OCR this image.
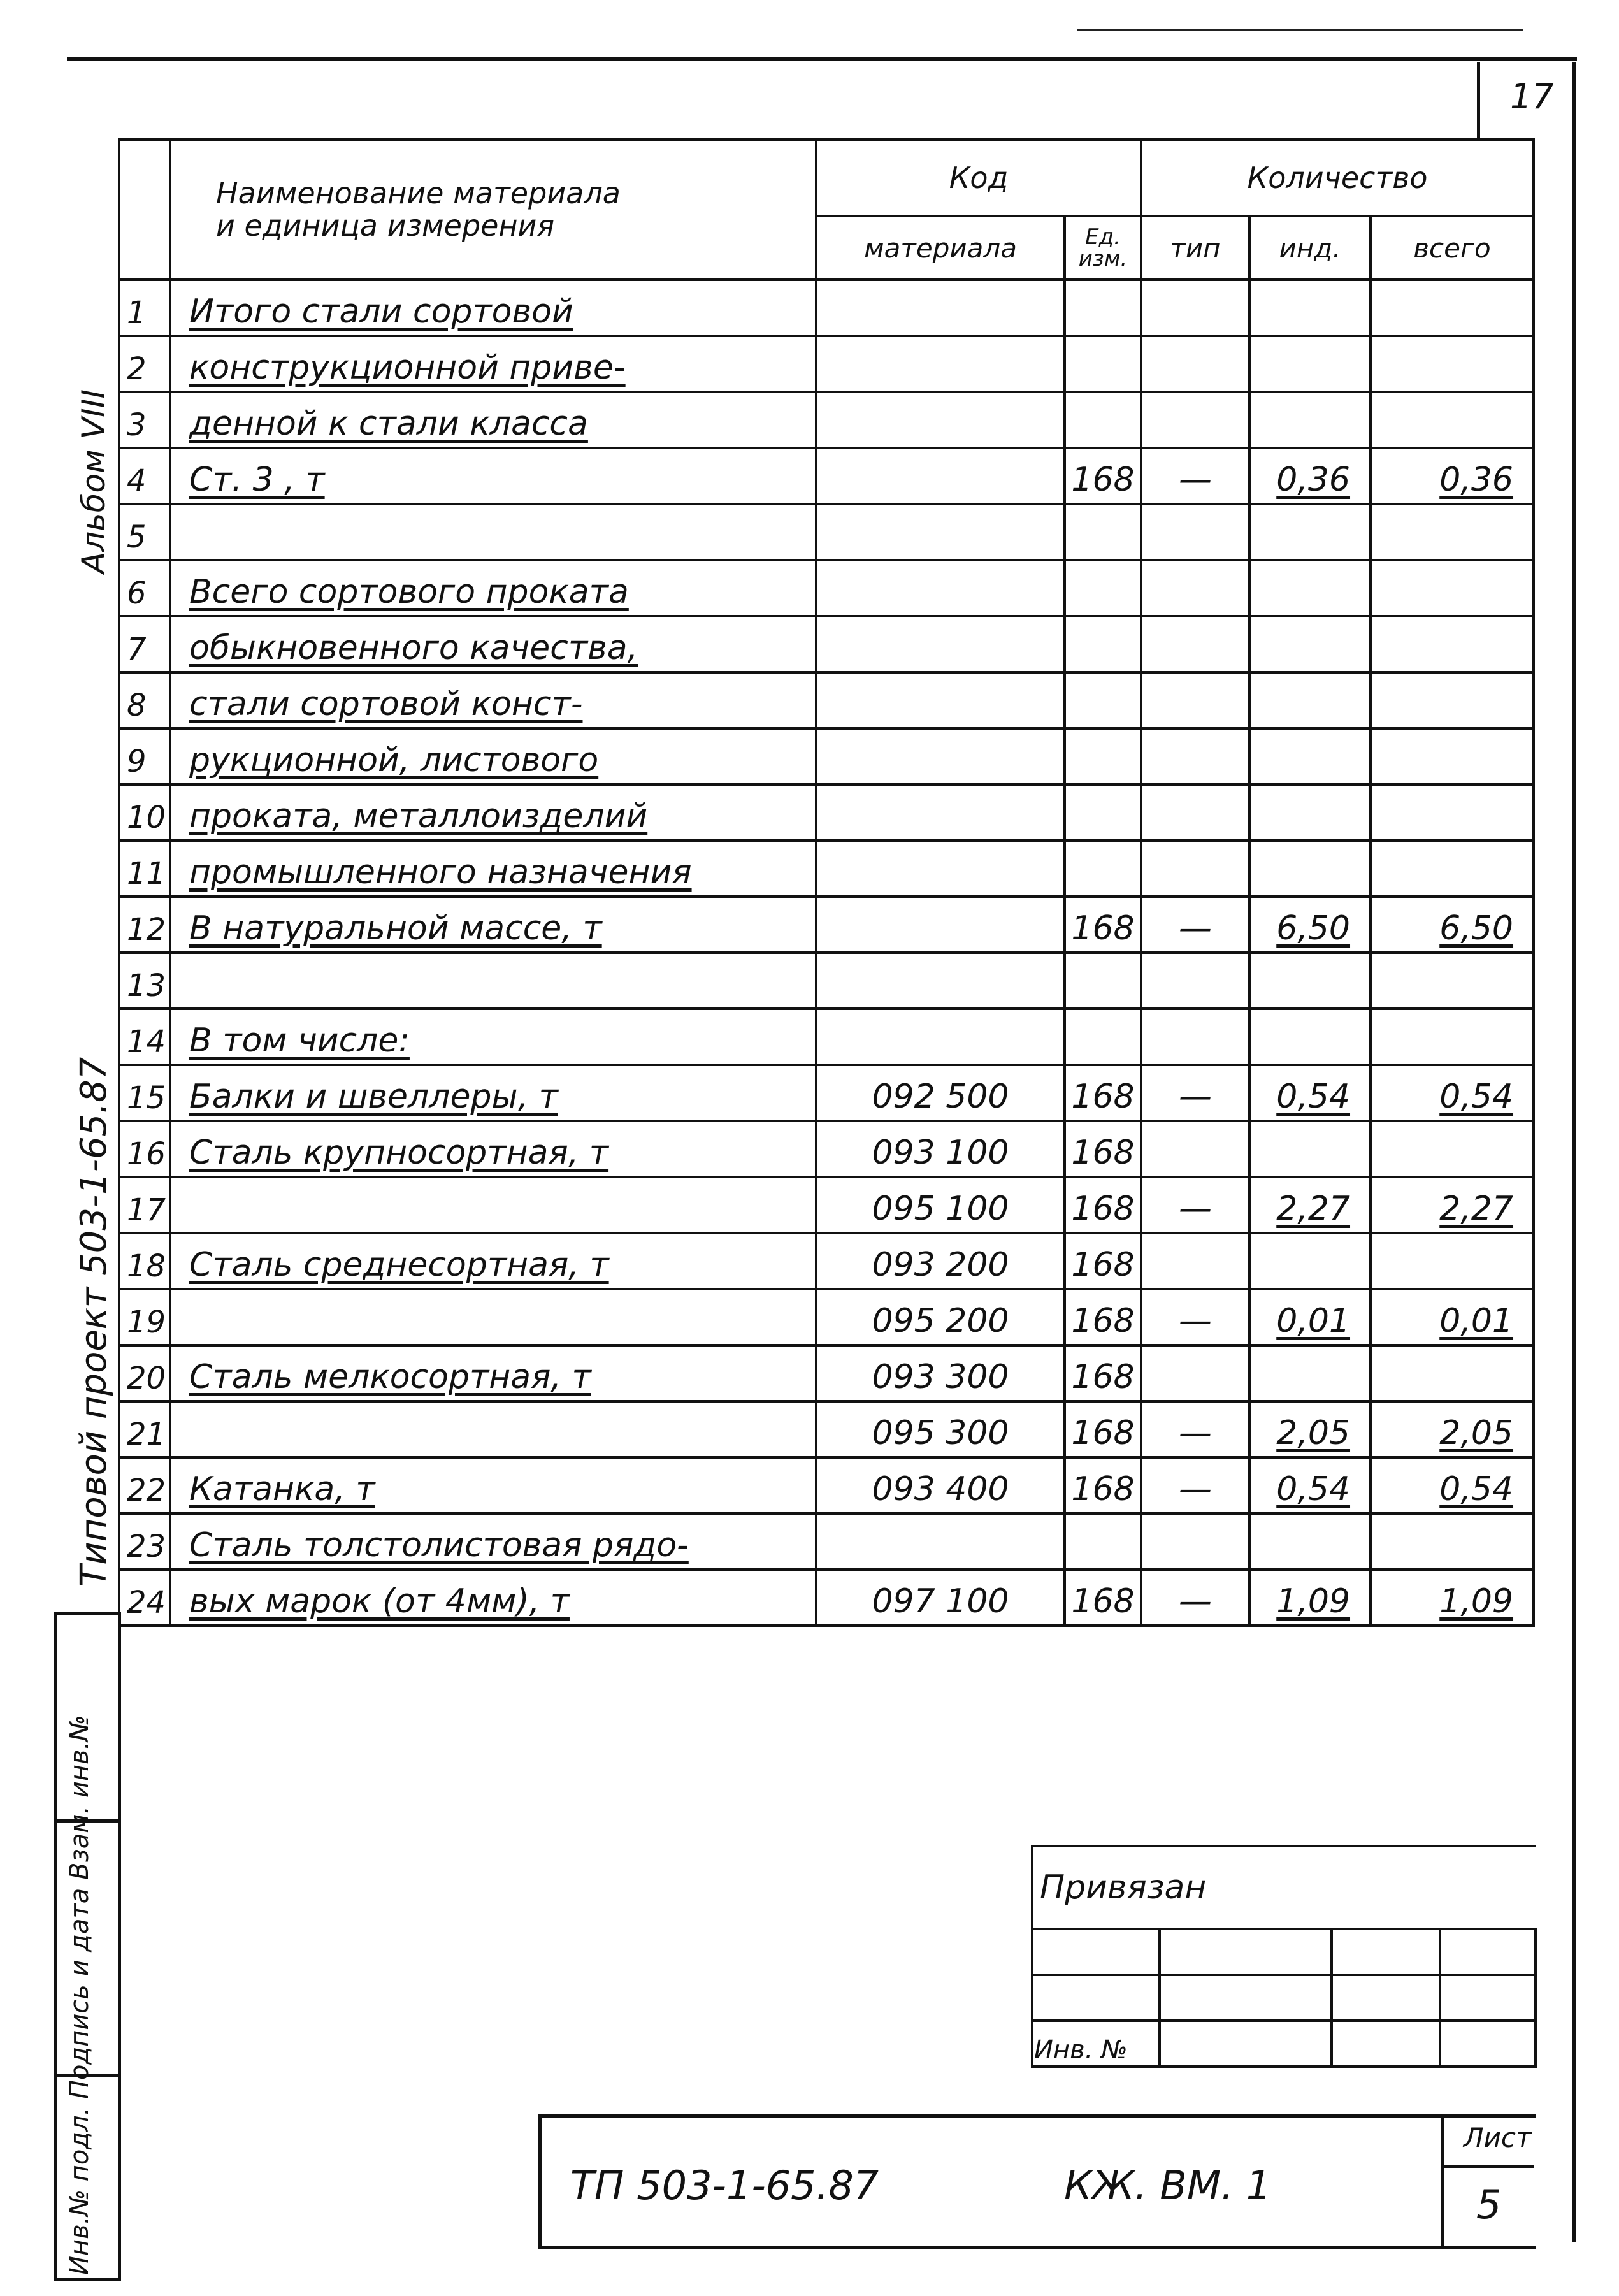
17
Альбом VIII
Типовой проект 503-1-65.87
Инв.№ подл. Подпись и дата Взам. инв.№

	Наименование материала
и единица измерения	Код		Количество		
		материала	Ед. изм.	тип	инд.	всего
1	Итого стали сортовой					
2	конструкционной приве-					
3	денной к стали класса					
4	Ст. 3 , т		168	—	0,36	0,36
5						
6	Всего сортового проката					
7	обыкновенного качества,					
8	стали сортовой конст-					
9	рукционной, листового					
10	проката, металлоизделий					
11	промышленного назначения					
12	В натуральной массе, т		168	—	6,50	6,50
13						
14	В том числе:					
15	Балки и швеллеры, т	092 500	168	—	0,54	0,54
16	Сталь крупносортная, т	093 100	168			
17		095 100	168	—	2,27	2,27
18	Сталь среднесортная, т	093 200	168			
19		095 200	168	—	0,01	0,01
20	Сталь мелкосортная, т	093 300	168			
21		095 300	168	—	2,05	2,05
22	Катанка, т	093 400	168	—	0,54	0,54
23	Сталь толстолистовая рядо-					
24	вых марок (от 4мм), т	097 100	168	—	1,09	1,09
Привязан			

Инв. №			
ТП 503-1-65.87	КЖ. ВМ. 1
Лист
5
